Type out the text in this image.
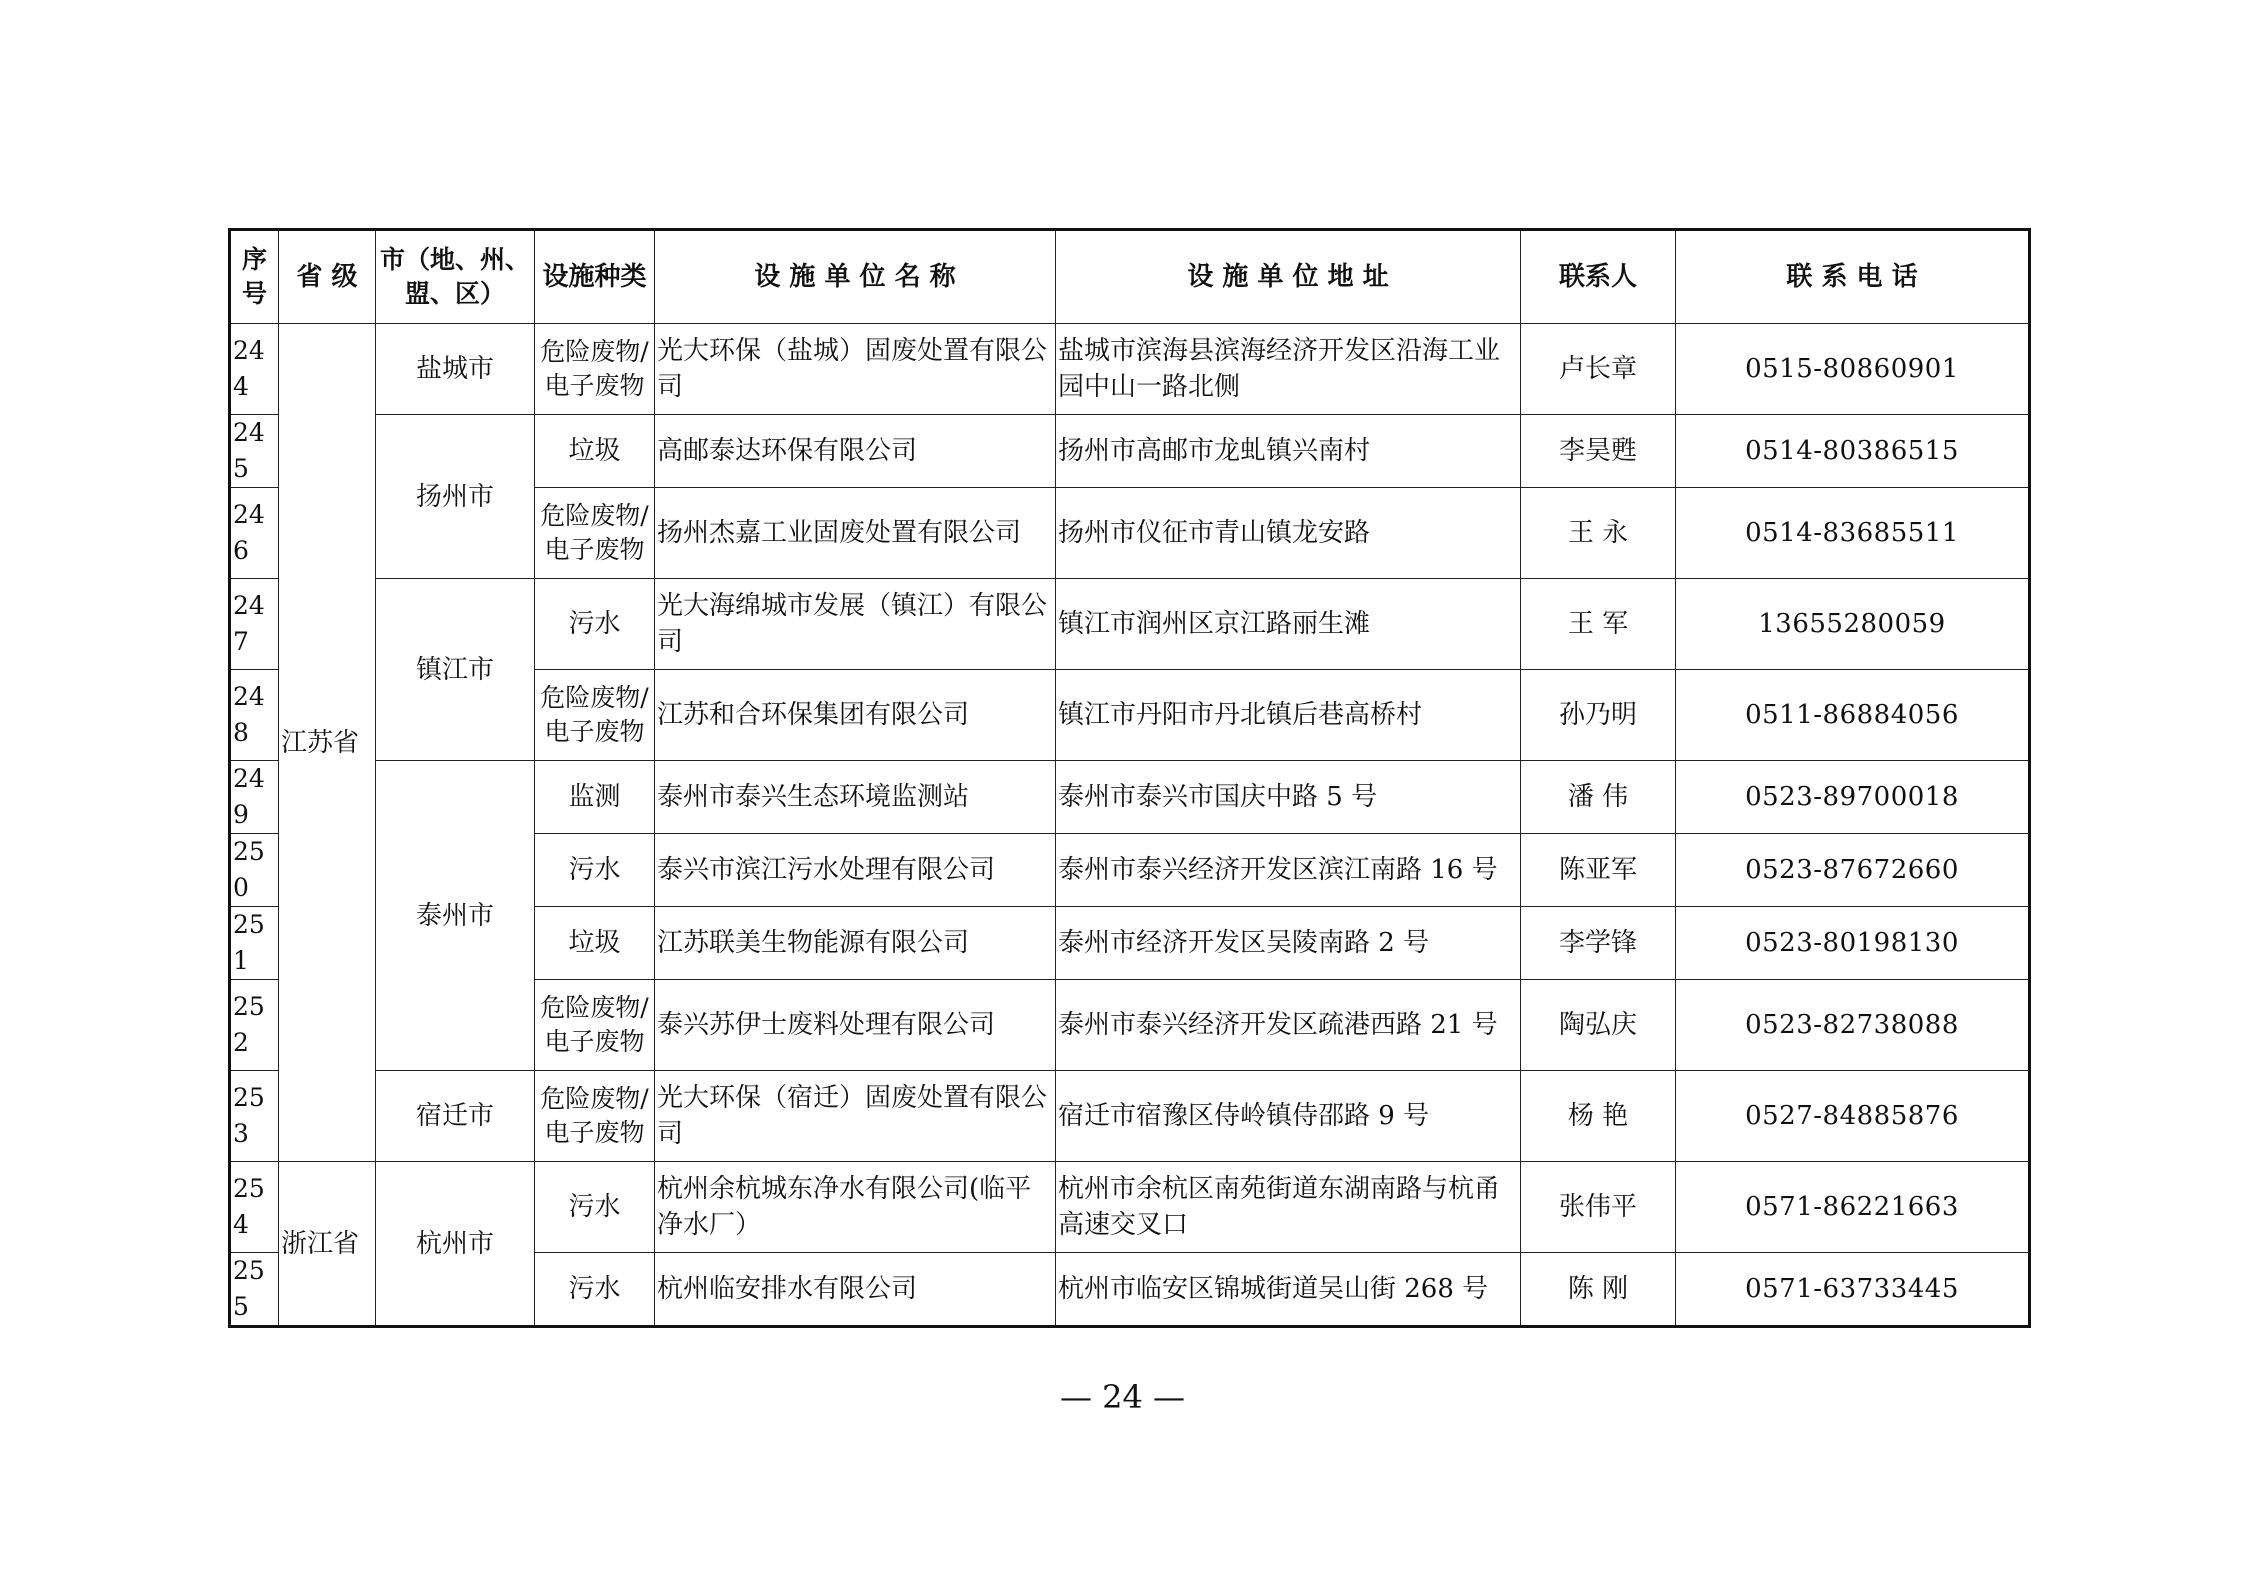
序号	省 级	市（地、州、盟、区）	设施种类	设 施 单 位 名 称	设 施 单 位 地 址	联系人	联 系 电 话
244	江苏省	盐城市	危险废物/电子废物	光大环保（盐城）固废处置有限公司	盐城市滨海县滨海经济开发区沿海工业园中山一路北侧	卢长章	0515-80860901
245		扬州市	垃圾	高邮泰达环保有限公司	扬州市高邮市龙虬镇兴南村	李昊甦	0514-80386515
246			危险废物/电子废物	扬州杰嘉工业固废处置有限公司	扬州市仪征市青山镇龙安路	王 永	0514-83685511
247		镇江市	污水	光大海绵城市发展（镇江）有限公司	镇江市润州区京江路丽生滩	王 军	13655280059
248			危险废物/电子废物	江苏和合环保集团有限公司	镇江市丹阳市丹北镇后巷高桥村	孙乃明	0511-86884056
249		泰州市	监测	泰州市泰兴生态环境监测站	泰州市泰兴市国庆中路 5 号	潘 伟	0523-89700018
250			污水	泰兴市滨江污水处理有限公司	泰州市泰兴经济开发区滨江南路 16 号	陈亚军	0523-87672660
251			垃圾	江苏联美生物能源有限公司	泰州市经济开发区吴陵南路 2 号	李学锋	0523-80198130
252			危险废物/电子废物	泰兴苏伊士废料处理有限公司	泰州市泰兴经济开发区疏港西路 21 号	陶弘庆	0523-82738088
253		宿迁市	危险废物/电子废物	光大环保（宿迁）固废处置有限公司	宿迁市宿豫区侍岭镇侍邵路 9 号	杨 艳	0527-84885876
254	浙江省	杭州市	污水	杭州余杭城东净水有限公司(临平净水厂）	杭州市余杭区南苑街道东湖南路与杭甬高速交叉口	张伟平	0571-86221663
255			污水	杭州临安排水有限公司	杭州市临安区锦城街道吴山街 268 号	陈 刚	0571-63733445
— 24 —
